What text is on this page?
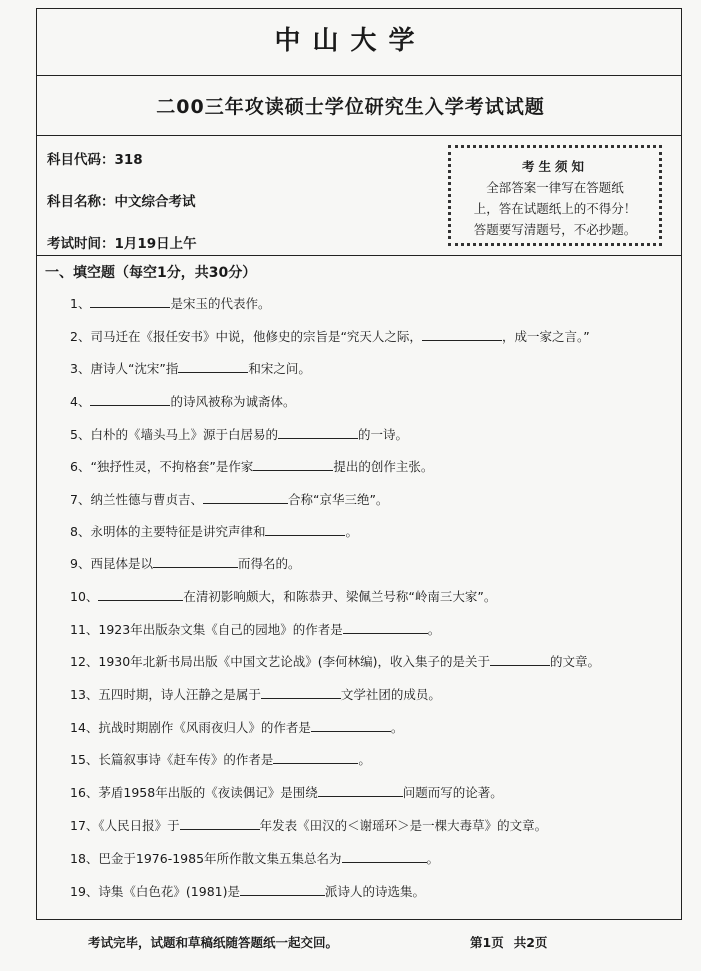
中山大学
二00三年攻读硕士学位研究生入学考试试题
科目代码：318
科目名称：中文综合考试
考试时间：1月19日上午
考生须知
全部答案一律写在答题纸
上，答在试题纸上的不得分！
答题要写清题号，不必抄题。
一、填空题（每空1分，共30分）
1、	是宋玉的代表作。
2、司马迁在《报任安书》中说，他修史的宗旨是“究天人之际，	，成一家之言。”
3、唐诗人“沈宋”指	和宋之问。
4、	的诗风被称为诚斋体。
5、白朴的《墙头马上》源于白居易的	的一诗。
6、“独抒性灵，不拘格套”是作家	提出的创作主张。
7、纳兰性德与曹贞吉、	合称“京华三绝”。
8、永明体的主要特征是讲究声律和	。
9、西昆体是以	而得名的。
10、	在清初影响颇大，和陈恭尹、梁佩兰号称“岭南三大家”。
11、1923年出版杂文集《自己的园地》的作者是	。
12、1930年北新书局出版《中国文艺论战》(李何林编)，收入集子的是关于	的文章。
13、五四时期，诗人汪静之是属于	文学社团的成员。
14、抗战时期剧作《风雨夜归人》的作者是	。
15、长篇叙事诗《赶车传》的作者是	。
16、茅盾1958年出版的《夜读偶记》是围绕	问题而写的论著。
17、《人民日报》于	年发表《田汉的＜谢瑶环＞是一棵大毒草》的文章。
18、巴金于1976-1985年所作散文集五集总名为	。
19、诗集《白色花》(1981)是	派诗人的诗选集。
考试完毕，试题和草稿纸随答题纸一起交回。	第1页 共2页
